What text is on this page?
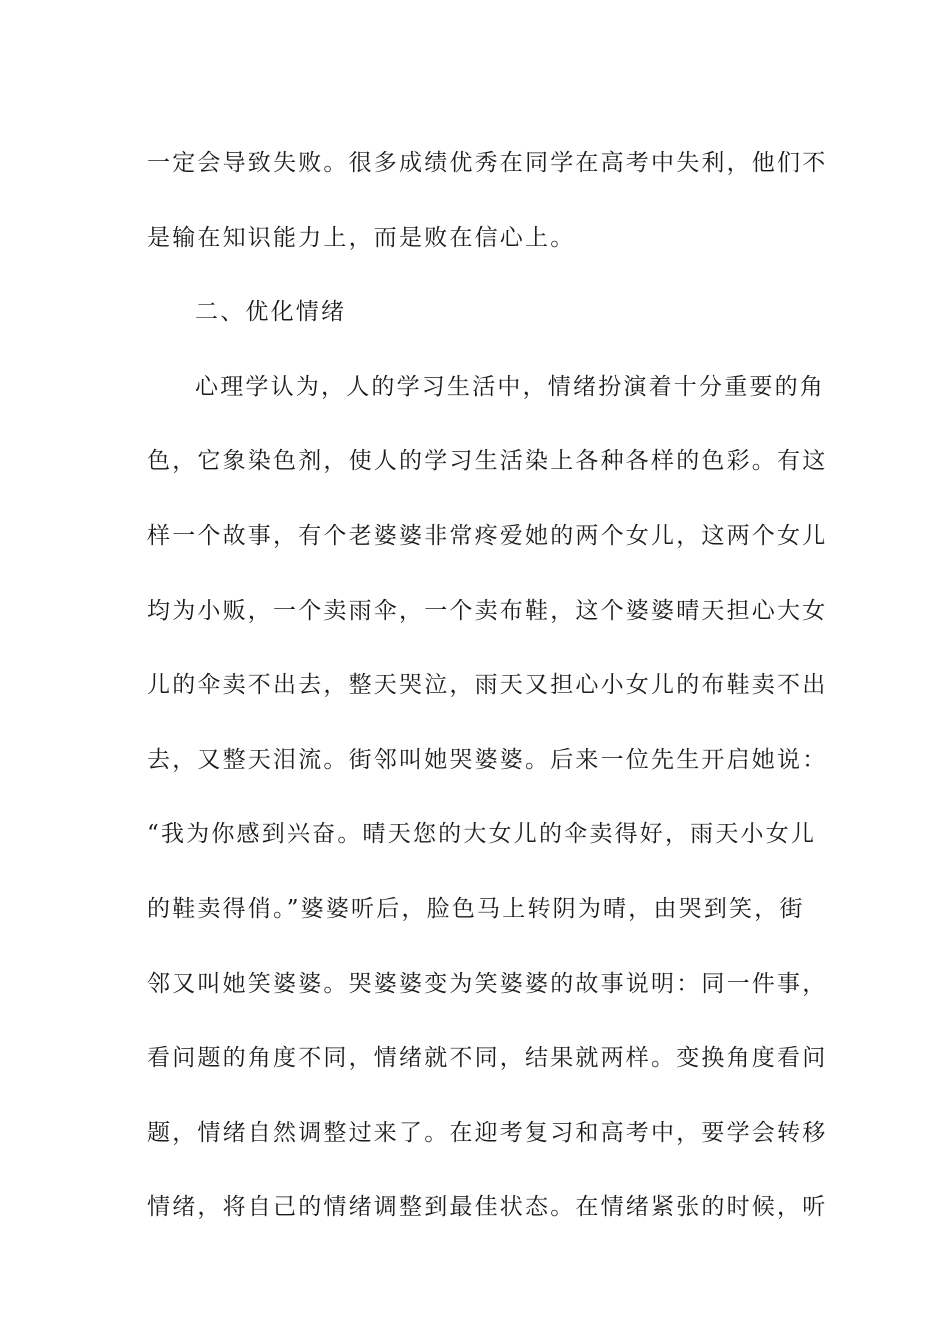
一定会导致失败。很多成绩优秀在同学在高考中失利，他们不
是输在知识能力上，而是败在信心上。
二、优化情绪
心理学认为，人的学习生活中，情绪扮演着十分重要的角
色，它象染色剂，使人的学习生活染上各种各样的色彩。有这
样一个故事，有个老婆婆非常疼爱她的两个女儿，这两个女儿
均为小贩，一个卖雨伞，一个卖布鞋，这个婆婆晴天担心大女
儿的伞卖不出去，整天哭泣，雨天又担心小女儿的布鞋卖不出
去，又整天泪流。街邻叫她哭婆婆。后来一位先生开启她说：
“我为你感到兴奋。晴天您的大女儿的伞卖得好，雨天小女儿
的鞋卖得俏。”婆婆听后，脸色马上转阴为晴，由哭到笑，街
邻又叫她笑婆婆。哭婆婆变为笑婆婆的故事说明：同一件事，
看问题的角度不同，情绪就不同，结果就两样。变换角度看问
题，情绪自然调整过来了。在迎考复习和高考中，要学会转移
情绪，将自己的情绪调整到最佳状态。在情绪紧张的时候，听
